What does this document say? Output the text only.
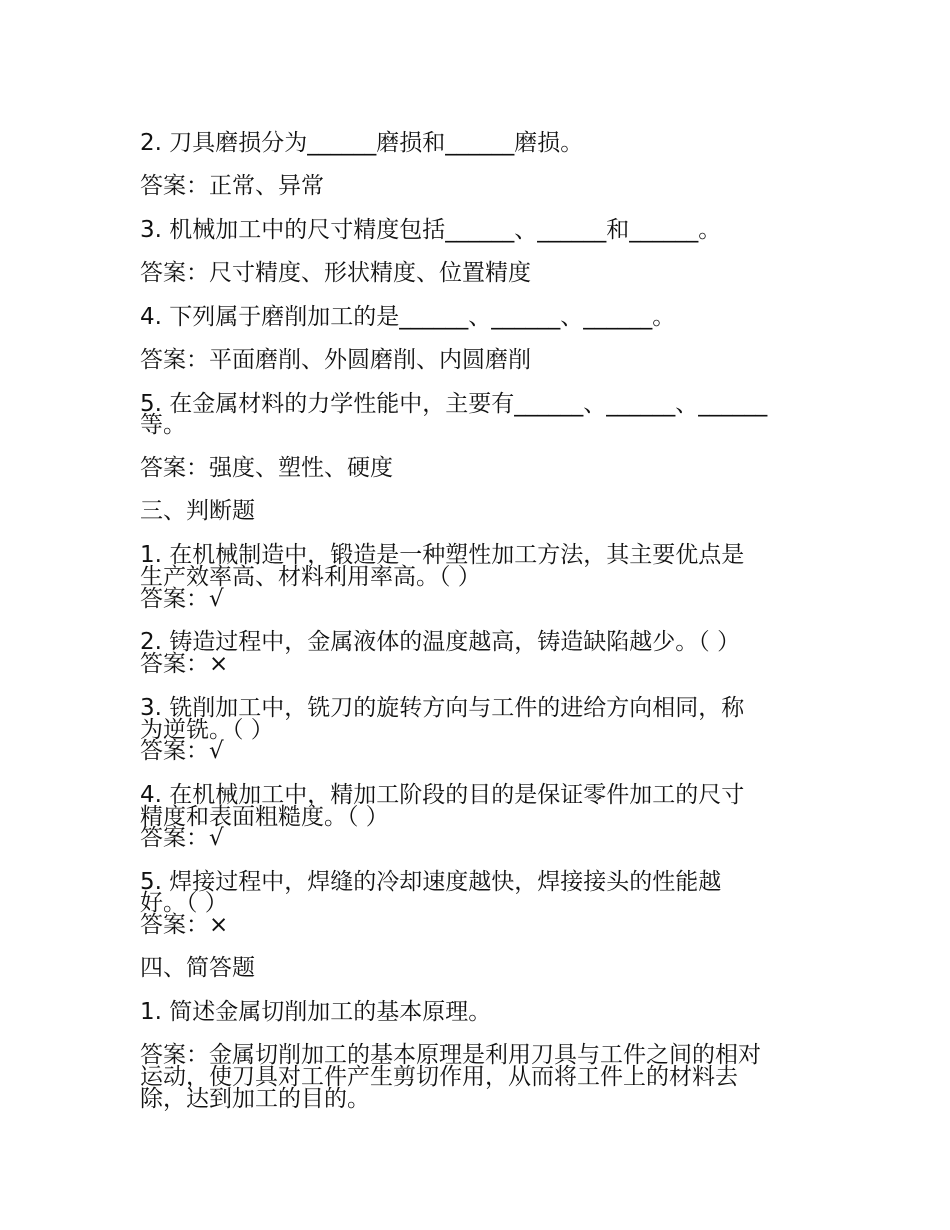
2. 刀具磨损分为______磨损和______磨损。

答案：正常、异常

3. 机械加工中的尺寸精度包括______、______和______。

答案：尺寸精度、形状精度、位置精度

4. 下列属于磨削加工的是______、______、______。

答案：平面磨削、外圆磨削、内圆磨削

5. 在金属材料的力学性能中，主要有______、______、______

等。

答案：强度、塑性、硬度

三、判断题

1. 在机械制造中，锻造是一种塑性加工方法，其主要优点是

生产效率高、材料利用率高。（ ）

答案：√

2. 铸造过程中，金属液体的温度越高，铸造缺陷越少。（ ）

答案：×

3. 铣削加工中，铣刀的旋转方向与工件的进给方向相同，称

为逆铣。（ ）

答案：√

4. 在机械加工中，精加工阶段的目的是保证零件加工的尺寸

精度和表面粗糙度。（ ）

答案：√

5. 焊接过程中，焊缝的冷却速度越快，焊接接头的性能越

好。（ ）

答案：×

四、简答题

1. 简述金属切削加工的基本原理。

答案：金属切削加工的基本原理是利用刀具与工件之间的相对

运动，使刀具对工件产生剪切作用，从而将工件上的材料去

除，达到加工的目的。
